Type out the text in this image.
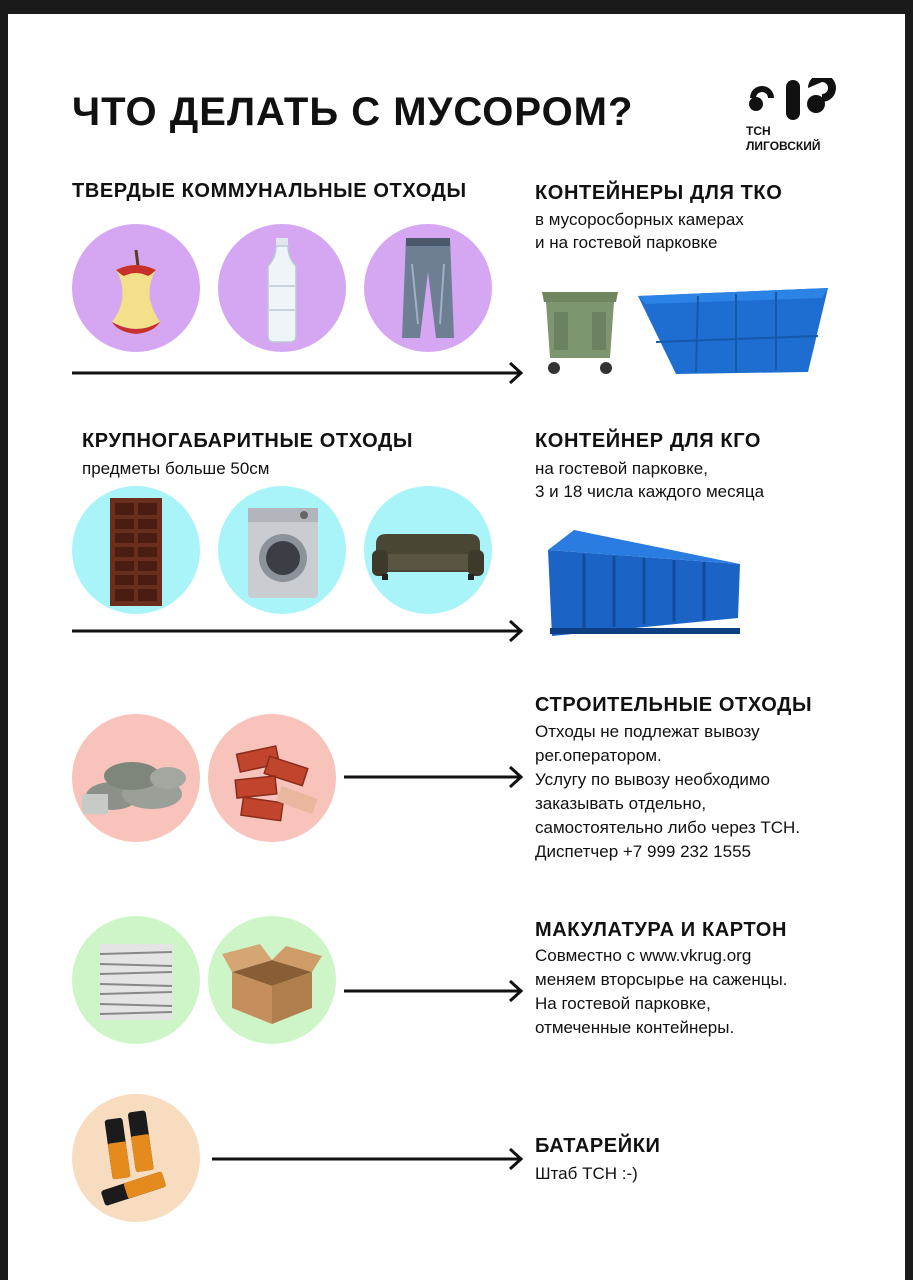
ЧТО ДЕЛАТЬ С МУСОРОМ?	ТСН
ЛИГОВСКИЙ
ТВЕРДЫЕ КОММУНАЛЬНЫЕ ОТХОДЫ	КОНТЕЙНЕРЫ ДЛЯ ТКО
в мусоросборных камерах
и на гостевой парковке
КРУПНОГАБАРИТНЫЕ ОТХОДЫ
предметы больше 50см
КОНТЕЙНЕР ДЛЯ КГО
на гостевой парковке,
3 и 18 числа каждого месяца
СТРОИТЕЛЬНЫЕ ОТХОДЫ
Отходы не подлежат вывозу
рег.оператором.
Услугу по вывозу необходимо
заказывать отдельно,
самостоятельно либо через ТСН.
Диспетчер +7 999 232 1555
МАКУЛАТУРА И КАРТОН
Совместно с www.vkrug.org
меняем вторсырье на саженцы.
На гостевой парковке,
отмеченные контейнеры.
БАТАРЕЙКИ
Штаб ТСН :-)
